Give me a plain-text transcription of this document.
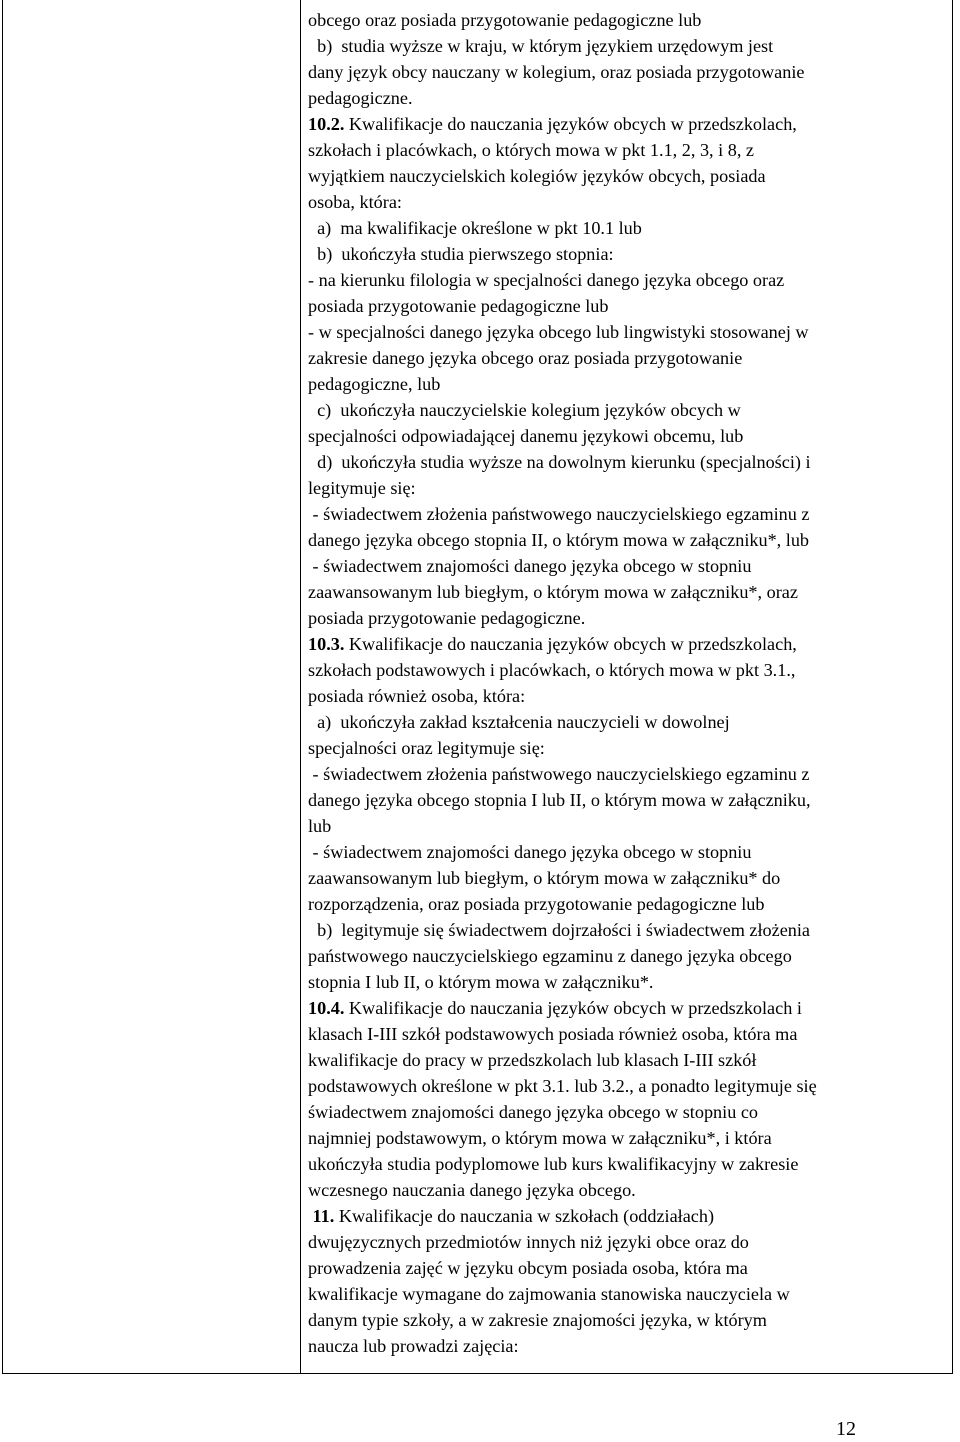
obcego oraz posiada przygotowanie pedagogiczne lub
b)  studia wyższe w kraju, w którym językiem urzędowym jest
dany język obcy nauczany w kolegium, oraz posiada przygotowanie
pedagogiczne.
10.2. Kwalifikacje do nauczania języków obcych w przedszkolach,
szkołach i placówkach, o których mowa w pkt 1.1, 2, 3, i 8, z
wyjątkiem nauczycielskich kolegiów języków obcych, posiada
osoba, która:
a)  ma kwalifikacje określone w pkt 10.1 lub
b)  ukończyła studia pierwszego stopnia:
- na kierunku filologia w specjalności danego języka obcego oraz
posiada przygotowanie pedagogiczne lub
- w specjalności danego języka obcego lub lingwistyki stosowanej w
zakresie danego języka obcego oraz posiada przygotowanie
pedagogiczne, lub
c)  ukończyła nauczycielskie kolegium języków obcych w
specjalności odpowiadającej danemu językowi obcemu, lub
d)  ukończyła studia wyższe na dowolnym kierunku (specjalności) i
legitymuje się:
- świadectwem złożenia państwowego nauczycielskiego egzaminu z
danego języka obcego stopnia II, o którym mowa w załączniku*, lub
- świadectwem znajomości danego języka obcego w stopniu
zaawansowanym lub biegłym, o którym mowa w załączniku*, oraz
posiada przygotowanie pedagogiczne.
10.3. Kwalifikacje do nauczania języków obcych w przedszkolach,
szkołach podstawowych i placówkach, o których mowa w pkt 3.1.,
posiada również osoba, która:
a)  ukończyła zakład kształcenia nauczycieli w dowolnej
specjalności oraz legitymuje się:
- świadectwem złożenia państwowego nauczycielskiego egzaminu z
danego języka obcego stopnia I lub II, o którym mowa w załączniku,
lub
- świadectwem znajomości danego języka obcego w stopniu
zaawansowanym lub biegłym, o którym mowa w załączniku* do
rozporządzenia, oraz posiada przygotowanie pedagogiczne lub
b)  legitymuje się świadectwem dojrzałości i świadectwem złożenia
państwowego nauczycielskiego egzaminu z danego języka obcego
stopnia I lub II, o którym mowa w załączniku*.
10.4. Kwalifikacje do nauczania języków obcych w przedszkolach i
klasach I-III szkół podstawowych posiada również osoba, która ma
kwalifikacje do pracy w przedszkolach lub klasach I-III szkół
podstawowych określone w pkt 3.1. lub 3.2., a ponadto legitymuje się
świadectwem znajomości danego języka obcego w stopniu co
najmniej podstawowym, o którym mowa w załączniku*, i która
ukończyła studia podyplomowe lub kurs kwalifikacyjny w zakresie
wczesnego nauczania danego języka obcego.
11. Kwalifikacje do nauczania w szkołach (oddziałach)
dwujęzycznych przedmiotów innych niż języki obce oraz do
prowadzenia zajęć w języku obcym posiada osoba, która ma
kwalifikacje wymagane do zajmowania stanowiska nauczyciela w
danym typie szkoły, a w zakresie znajomości języka, w którym
naucza lub prowadzi zajęcia:
12
